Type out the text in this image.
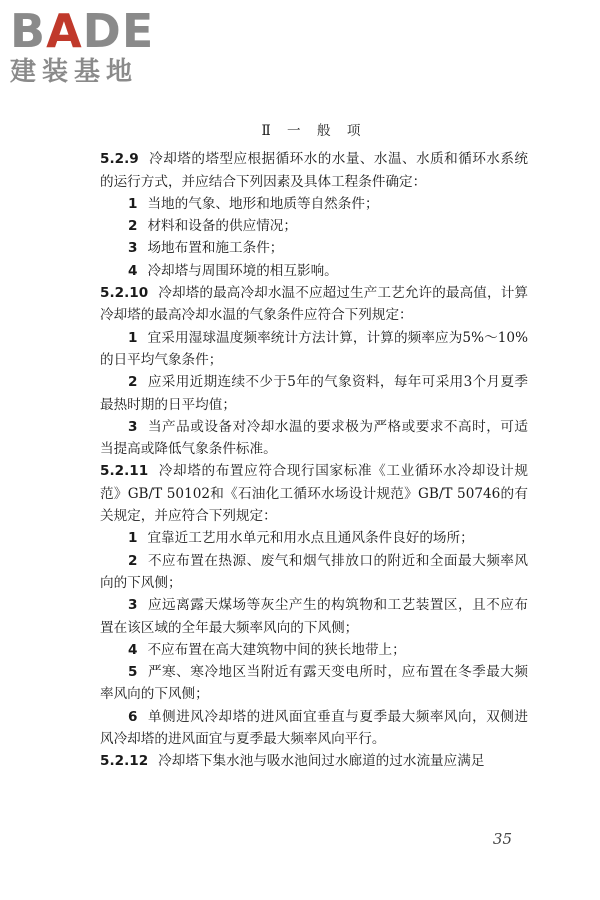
BADE
建装基地

Ⅱ 一 般 项

5.2.9 冷却塔的塔型应根据循环水的水量、水温、水质和循环水系统的运行方式，并应结合下列因素及具体工程条件确定：

1 当地的气象、地形和地质等自然条件；

2 材料和设备的供应情况；

3 场地布置和施工条件；

4 冷却塔与周围环境的相互影响。

5.2.10 冷却塔的最高冷却水温不应超过生产工艺允许的最高值，计算冷却塔的最高冷却水温的气象条件应符合下列规定：

1 宜采用湿球温度频率统计方法计算，计算的频率应为5%～10%的日平均气象条件；

2 应采用近期连续不少于5年的气象资料，每年可采用3个月夏季最热时期的日平均值；

3 当产品或设备对冷却水温的要求极为严格或要求不高时，可适当提高或降低气象条件标准。

5.2.11 冷却塔的布置应符合现行国家标准《工业循环水冷却设计规范》GB/T 50102和《石油化工循环水场设计规范》GB/T 50746的有关规定，并应符合下列规定：

1 宜靠近工艺用水单元和用水点且通风条件良好的场所；

2 不应布置在热源、废气和烟气排放口的附近和全面最大频率风向的下风侧；

3 应远离露天煤场等灰尘产生的构筑物和工艺装置区，且不应布置在该区域的全年最大频率风向的下风侧；

4 不应布置在高大建筑物中间的狭长地带上；

5 严寒、寒冷地区当附近有露天变电所时，应布置在冬季最大频率风向的下风侧；

6 单侧进风冷却塔的进风面宜垂直与夏季最大频率风向，双侧进风冷却塔的进风面宜与夏季最大频率风向平行。

5.2.12 冷却塔下集水池与吸水池间过水廊道的过水流量应满足

35
